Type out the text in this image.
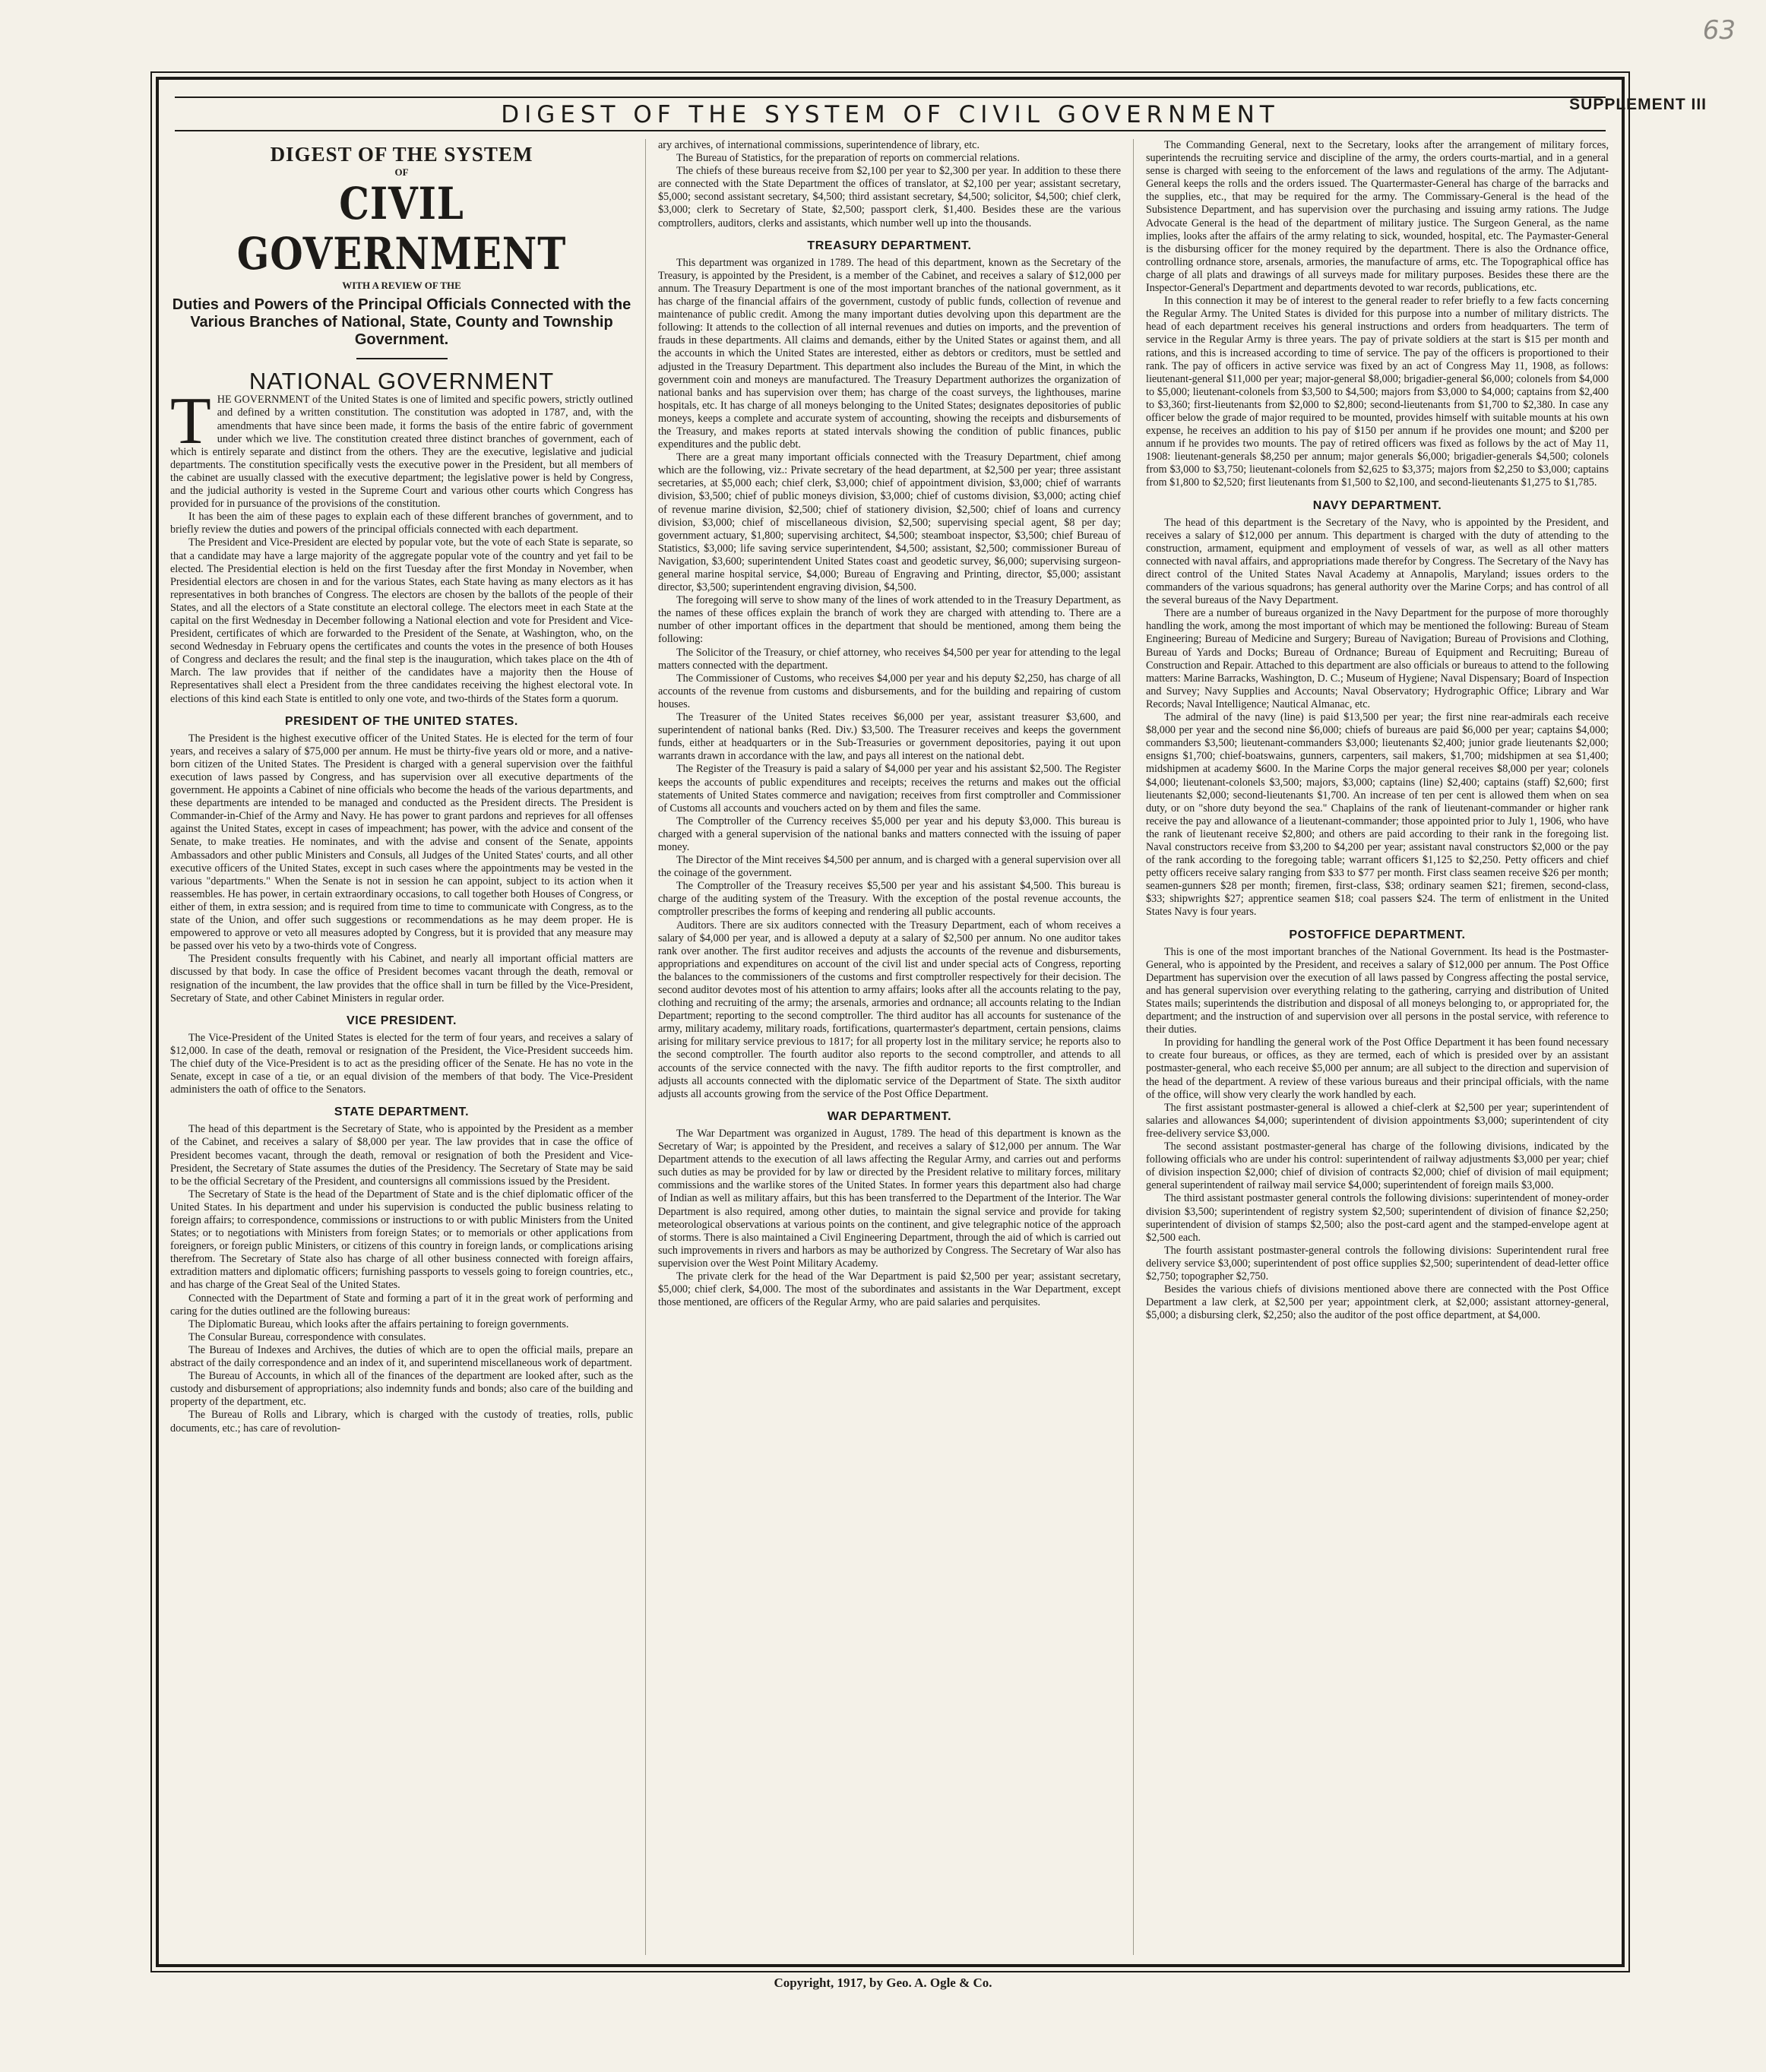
63
SUPPLEMENT III
DIGEST OF THE SYSTEM OF CIVIL GOVERNMENT
DIGEST OF THE SYSTEM
OF
CIVIL GOVERNMENT
WITH A REVIEW OF THE
Duties and Powers of the Principal Officials Connected with the Various Branches of National, State, County and Township Government.
NATIONAL GOVERNMENT
T HE GOVERNMENT of the United States is one of limited and specific powers, strictly outlined and defined by a written constitution. The constitution was adopted in 1787, and, with the amendments that have since been made, it forms the basis of the entire fabric of government under which we live. The constitution created three distinct branches of government, each of which is entirely separate and distinct from the others. They are the executive, legislative and judicial departments. The constitution specifically vests the executive power in the President, but all members of the cabinet are usually classed with the executive department; the legislative power is held by Congress, and the judicial authority is vested in the Supreme Court and various other courts which Congress has provided for in pursuance of the provisions of the constitution.

It has been the aim of these pages to explain each of these different branches of government, and to briefly review the duties and powers of the principal officials connected with each department.

The President and Vice-President are elected by popular vote, but the vote of each State is separate, so that a candidate may have a large majority of the aggregate popular vote of the country and yet fail to be elected. The Presidential election is held on the first Tuesday after the first Monday in November, when Presidential electors are chosen in and for the various States, each State having as many electors as it has representatives in both branches of Congress. The electors are chosen by the ballots of the people of their States, and all the electors of a State constitute an electoral college. The electors meet in each State at the capital on the first Wednesday in December following a National election and vote for President and Vice-President, certificates of which are forwarded to the President of the Senate, at Washington, who, on the second Wednesday in February opens the certificates and counts the votes in the presence of both Houses of Congress and declares the result; and the final step is the inauguration, which takes place on the 4th of March. The law provides that if neither of the candidates have a majority then the House of Representatives shall elect a President from the three candidates receiving the highest electoral vote. In elections of this kind each State is entitled to only one vote, and two-thirds of the States form a quorum.

PRESIDENT OF THE UNITED STATES.

The President is the highest executive officer of the United States. He is elected for the term of four years, and receives a salary of $75,000 per annum. He must be thirty-five years old or more, and a native-born citizen of the United States. The President is charged with a general supervision over the faithful execution of laws passed by Congress, and has supervision over all executive departments of the government. He appoints a Cabinet of nine officials who become the heads of the various departments, and these departments are intended to be managed and conducted as the President directs. The President is Commander-in-Chief of the Army and Navy. He has power to grant pardons and reprieves for all offenses against the United States, except in cases of impeachment; has power, with the advice and consent of the Senate, to make treaties. He nominates, and with the advise and consent of the Senate, appoints Ambassadors and other public Ministers and Consuls, all Judges of the United States' courts, and all other executive officers of the United States, except in such cases where the appointments may be vested in the various "departments." When the Senate is not in session he can appoint, subject to its action when it reassembles. He has power, in certain extraordinary occasions, to call together both Houses of Congress, or either of them, in extra session; and is required from time to time to communicate with Congress, as to the state of the Union, and offer such suggestions or recommendations as he may deem proper. He is empowered to approve or veto all measures adopted by Congress, but it is provided that any measure may be passed over his veto by a two-thirds vote of Congress.

The President consults frequently with his Cabinet, and nearly all important official matters are discussed by that body. In case the office of President becomes vacant through the death, removal or resignation of the incumbent, the law provides that the office shall in turn be filled by the Vice-President, Secretary of State, and other Cabinet Ministers in regular order.

VICE PRESIDENT.

The Vice-President of the United States is elected for the term of four years, and receives a salary of $12,000. In case of the death, removal or resignation of the President, the Vice-President succeeds him. The chief duty of the Vice-President is to act as the presiding officer of the Senate. He has no vote in the Senate, except in case of a tie, or an equal division of the members of that body. The Vice-President administers the oath of office to the Senators.

STATE DEPARTMENT.

The head of this department is the Secretary of State, who is appointed by the President as a member of the Cabinet, and receives a salary of $8,000 per year. The law provides that in case the office of President becomes vacant, through the death, removal or resignation of both the President and Vice-President, the Secretary of State assumes the duties of the Presidency. The Secretary of State may be said to be the official Secretary of the President, and countersigns all commissions issued by the President.

The Secretary of State is the head of the Department of State and is the chief diplomatic officer of the United States. In his department and under his supervision is conducted the public business relating to foreign affairs; to correspondence, commissions or instructions to or with public Ministers from the United States; or to negotiations with Ministers from foreign States; or to memorials or other applications from foreigners, or foreign public Ministers, or citizens of this country in foreign lands, or complications arising therefrom. The Secretary of State also has charge of all other business connected with foreign affairs, extradition matters and diplomatic officers; furnishing passports to vessels going to foreign countries, etc., and has charge of the Great Seal of the United States.

Connected with the Department of State and forming a part of it in the great work of performing and caring for the duties outlined are the following bureaus:

The Diplomatic Bureau, which looks after the affairs pertaining to foreign governments.

The Consular Bureau, correspondence with consulates.

The Bureau of Indexes and Archives, the duties of which are to open the official mails, prepare an abstract of the daily correspondence and an index of it, and superintend miscellaneous work of department.

The Bureau of Accounts, in which all of the finances of the department are looked after, such as the custody and disbursement of appropriations; also indemnity funds and bonds; also care of the building and property of the department, etc.

The Bureau of Rolls and Library, which is charged with the custody of treaties, rolls, public documents, etc.; has care of revolution-

ary archives, of international commissions, superintendence of library, etc.

The Bureau of Statistics, for the preparation of reports on commercial relations.

The chiefs of these bureaus receive from $2,100 per year to $2,300 per year. In addition to these there are connected with the State Department the offices of translator, at $2,100 per year; assistant secretary, $5,000; second assistant secretary, $4,500; third assistant secretary, $4,500; solicitor, $4,500; chief clerk, $3,000; clerk to Secretary of State, $2,500; passport clerk, $1,400. Besides these are the various comptrollers, auditors, clerks and assistants, which number well up into the thousands.

TREASURY DEPARTMENT.

This department was organized in 1789. The head of this department, known as the Secretary of the Treasury, is appointed by the President, is a member of the Cabinet, and receives a salary of $12,000 per annum. The Treasury Department is one of the most important branches of the national government, as it has charge of the financial affairs of the government, custody of public funds, collection of revenue and maintenance of public credit. Among the many important duties devolving upon this department are the following: It attends to the collection of all internal revenues and duties on imports, and the prevention of frauds in these departments. All claims and demands, either by the United States or against them, and all the accounts in which the United States are interested, either as debtors or creditors, must be settled and adjusted in the Treasury Department. This department also includes the Bureau of the Mint, in which the government coin and moneys are manufactured. The Treasury Department authorizes the organization of national banks and has supervision over them; has charge of the coast surveys, the lighthouses, marine hospitals, etc. It has charge of all moneys belonging to the United States; designates depositories of public moneys, keeps a complete and accurate system of accounting, showing the receipts and disbursements of the Treasury, and makes reports at stated intervals showing the condition of public finances, public expenditures and the public debt.

There are a great many important officials connected with the Treasury Department, chief among which are the following, viz.: Private secretary of the head department, at $2,500 per year; three assistant secretaries, at $5,000 each; chief clerk, $3,000; chief of appointment division, $3,000; chief of warrants division, $3,500; chief of public moneys division, $3,000; chief of customs division, $3,000; acting chief of revenue marine division, $2,500; chief of stationery division, $2,500; chief of loans and currency division, $3,000; chief of miscellaneous division, $2,500; supervising special agent, $8 per day; government actuary, $1,800; supervising architect, $4,500; steamboat inspector, $3,500; chief Bureau of Statistics, $3,000; life saving service superintendent, $4,500; assistant, $2,500; commissioner Bureau of Navigation, $3,600; superintendent United States coast and geodetic survey, $6,000; supervising surgeon-general marine hospital service, $4,000; Bureau of Engraving and Printing, director, $5,000; assistant director, $3,500; superintendent engraving division, $4,500.

The foregoing will serve to show many of the lines of work attended to in the Treasury Department, as the names of these offices explain the branch of work they are charged with attending to. There are a number of other important offices in the department that should be mentioned, among them being the following:

The Solicitor of the Treasury, or chief attorney, who receives $4,500 per year for attending to the legal matters connected with the department.

The Commissioner of Customs, who receives $4,000 per year and his deputy $2,250, has charge of all accounts of the revenue from customs and disbursements, and for the building and repairing of custom houses.

The Treasurer of the United States receives $6,000 per year, assistant treasurer $3,600, and superintendent of national banks (Red. Div.) $3,500. The Treasurer receives and keeps the government funds, either at headquarters or in the Sub-Treasuries or government depositories, paying it out upon warrants drawn in accordance with the law, and pays all interest on the national debt.

The Register of the Treasury is paid a salary of $4,000 per year and his assistant $2,500. The Register keeps the accounts of public expenditures and receipts; receives the returns and makes out the official statements of United States commerce and navigation; receives from first comptroller and Commissioner of Customs all accounts and vouchers acted on by them and files the same.

The Comptroller of the Currency receives $5,000 per year and his deputy $3,000. This bureau is charged with a general supervision of the national banks and matters connected with the issuing of paper money.

The Director of the Mint receives $4,500 per annum, and is charged with a general supervision over all the coinage of the government.

The Comptroller of the Treasury receives $5,500 per year and his assistant $4,500. This bureau is charge of the auditing system of the Treasury. With the exception of the postal revenue accounts, the comptroller prescribes the forms of keeping and rendering all public accounts.

Auditors. There are six auditors connected with the Treasury Department, each of whom receives a salary of $4,000 per year, and is allowed a deputy at a salary of $2,500 per annum. No one auditor takes rank over another. The first auditor receives and adjusts the accounts of the revenue and disbursements, appropriations and expenditures on account of the civil list and under special acts of Congress, reporting the balances to the commissioners of the customs and first comptroller respectively for their decision. The second auditor devotes most of his attention to army affairs; looks after all the accounts relating to the pay, clothing and recruiting of the army; the arsenals, armories and ordnance; all accounts relating to the Indian Department; reporting to the second comptroller. The third auditor has all accounts for sustenance of the army, military academy, military roads, fortifications, quartermaster's department, certain pensions, claims arising for military service previous to 1817; for all property lost in the military service; he reports also to the second comptroller. The fourth auditor also reports to the second comptroller, and attends to all accounts of the service connected with the navy. The fifth auditor reports to the first comptroller, and adjusts all accounts connected with the diplomatic service of the Department of State. The sixth auditor adjusts all accounts growing from the service of the Post Office Department.

WAR DEPARTMENT.

The War Department was organized in August, 1789. The head of this department is known as the Secretary of War; is appointed by the President, and receives a salary of $12,000 per annum. The War Department attends to the execution of all laws affecting the Regular Army, and carries out and performs such duties as may be provided for by law or directed by the President relative to military forces, military commissions and the warlike stores of the United States. In former years this department also had charge of Indian as well as military affairs, but this has been transferred to the Department of the Interior. The War Department is also required, among other duties, to maintain the signal service and provide for taking meteorological observations at various points on the continent, and give telegraphic notice of the approach of storms. There is also maintained a Civil Engineering Department, through the aid of which is carried out such improvements in rivers and harbors as may be authorized by Congress. The Secretary of War also has supervision over the West Point Military Academy.

The private clerk for the head of the War Department is paid $2,500 per year; assistant secretary, $5,000; chief clerk, $4,000. The most of the subordinates and assistants in the War Department, except those mentioned, are officers of the Regular Army, who are paid salaries and perquisites.

The Commanding General, next to the Secretary, looks after the arrangement of military forces, superintends the recruiting service and discipline of the army, the orders courts-martial, and in a general sense is charged with seeing to the enforcement of the laws and regulations of the army. The Adjutant-General keeps the rolls and the orders issued. The Quartermaster-General has charge of the barracks and the supplies, etc., that may be required for the army. The Commissary-General is the head of the Subsistence Department, and has supervision over the purchasing and issuing army rations. The Judge Advocate General is the head of the department of military justice. The Surgeon General, as the name implies, looks after the affairs of the army relating to sick, wounded, hospital, etc. The Paymaster-General is the disbursing officer for the money required by the department. There is also the Ordnance office, controlling ordnance store, arsenals, armories, the manufacture of arms, etc. The Topographical office has charge of all plats and drawings of all surveys made for military purposes. Besides these there are the Inspector-General's Department and departments devoted to war records, publications, etc.

In this connection it may be of interest to the general reader to refer briefly to a few facts concerning the Regular Army. The United States is divided for this purpose into a number of military districts. The head of each department receives his general instructions and orders from headquarters. The term of service in the Regular Army is three years. The pay of private soldiers at the start is $15 per month and rations, and this is increased according to time of service. The pay of the officers is proportioned to their rank. The pay of officers in active service was fixed by an act of Congress May 11, 1908, as follows: lieutenant-general $11,000 per year; major-general $8,000; brigadier-general $6,000; colonels from $4,000 to $5,000; lieutenant-colonels from $3,500 to $4,500; majors from $3,000 to $4,000; captains from $2,400 to $3,360; first-lieutenants from $2,000 to $2,800; second-lieutenants from $1,700 to $2,380. In case any officer below the grade of major required to be mounted, provides himself with suitable mounts at his own expense, he receives an addition to his pay of $150 per annum if he provides one mount; and $200 per annum if he provides two mounts. The pay of retired officers was fixed as follows by the act of May 11, 1908: lieutenant-generals $8,250 per annum; major generals $6,000; brigadier-generals $4,500; colonels from $3,000 to $3,750; lieutenant-colonels from $2,625 to $3,375; majors from $2,250 to $3,000; captains from $1,800 to $2,520; first lieutenants from $1,500 to $2,100, and second-lieutenants $1,275 to $1,785.

NAVY DEPARTMENT.

The head of this department is the Secretary of the Navy, who is appointed by the President, and receives a salary of $12,000 per annum. This department is charged with the duty of attending to the construction, armament, equipment and employment of vessels of war, as well as all other matters connected with naval affairs, and appropriations made therefor by Congress. The Secretary of the Navy has direct control of the United States Naval Academy at Annapolis, Maryland; issues orders to the commanders of the various squadrons; has general authority over the Marine Corps; and has control of all the several bureaus of the Navy Department.

There are a number of bureaus organized in the Navy Department for the purpose of more thoroughly handling the work, among the most important of which may be mentioned the following: Bureau of Steam Engineering; Bureau of Medicine and Surgery; Bureau of Navigation; Bureau of Provisions and Clothing, Bureau of Yards and Docks; Bureau of Ordnance; Bureau of Equipment and Recruiting; Bureau of Construction and Repair. Attached to this department are also officials or bureaus to attend to the following matters: Marine Barracks, Washington, D. C.; Museum of Hygiene; Naval Dispensary; Board of Inspection and Survey; Navy Supplies and Accounts; Naval Observatory; Hydrographic Office; Library and War Records; Naval Intelligence; Nautical Almanac, etc.

The admiral of the navy (line) is paid $13,500 per year; the first nine rear-admirals each receive $8,000 per year and the second nine $6,000; chiefs of bureaus are paid $6,000 per year; captains $4,000; commanders $3,500; lieutenant-commanders $3,000; lieutenants $2,400; junior grade lieutenants $2,000; ensigns $1,700; chief-boatswains, gunners, carpenters, sail makers, $1,700; midshipmen at sea $1,400; midshipmen at academy $600. In the Marine Corps the major general receives $8,000 per year; colonels $4,000; lieutenant-colonels $3,500; majors, $3,000; captains (line) $2,400; captains (staff) $2,600; first lieutenants $2,000; second-lieutenants $1,700. An increase of ten per cent is allowed them when on sea duty, or on "shore duty beyond the sea." Chaplains of the rank of lieutenant-commander or higher rank receive the pay and allowance of a lieutenant-commander; those appointed prior to July 1, 1906, who have the rank of lieutenant receive $2,800; and others are paid according to their rank in the foregoing list. Naval constructors receive from $3,200 to $4,200 per year; assistant naval constructors $2,000 or the pay of the rank according to the foregoing table; warrant officers $1,125 to $2,250. Petty officers and chief petty officers receive salary ranging from $33 to $77 per month. First class seamen receive $26 per month; seamen-gunners $28 per month; firemen, first-class, $38; ordinary seamen $21; firemen, second-class, $33; shipwrights $27; apprentice seamen $18; coal passers $24. The term of enlistment in the United States Navy is four years.

POSTOFFICE DEPARTMENT.

This is one of the most important branches of the National Government. Its head is the Postmaster-General, who is appointed by the President, and receives a salary of $12,000 per annum. The Post Office Department has supervision over the execution of all laws passed by Congress affecting the postal service, and has general supervision over everything relating to the gathering, carrying and distribution of United States mails; superintends the distribution and disposal of all moneys belonging to, or appropriated for, the department; and the instruction of and supervision over all persons in the postal service, with reference to their duties.

In providing for handling the general work of the Post Office Department it has been found necessary to create four bureaus, or offices, as they are termed, each of which is presided over by an assistant postmaster-general, who each receive $5,000 per annum; are all subject to the direction and supervision of the head of the department. A review of these various bureaus and their principal officials, with the name of the office, will show very clearly the work handled by each.

The first assistant postmaster-general is allowed a chief-clerk at $2,500 per year; superintendent of salaries and allowances $4,000; superintendent of division appointments $3,000; superintendent of city free-delivery service $3,000.

The second assistant postmaster-general has charge of the following divisions, indicated by the following officials who are under his control: superintendent of railway adjustments $3,000 per year; chief of division inspection $2,000; chief of division of contracts $2,000; chief of division of mail equipment; general superintendent of railway mail service $4,000; superintendent of foreign mails $3,000.

The third assistant postmaster general controls the following divisions: superintendent of money-order division $3,500; superintendent of registry system $2,500; superintendent of division of finance $2,250; superintendent of division of stamps $2,500; also the post-card agent and the stamped-envelope agent at $2,500 each.

The fourth assistant postmaster-general controls the following divisions: Superintendent rural free delivery service $3,000; superintendent of post office supplies $2,500; superintendent of dead-letter office $2,750; topographer $2,750.

Besides the various chiefs of divisions mentioned above there are connected with the Post Office Department a law clerk, at $2,500 per year; appointment clerk, at $2,000; assistant attorney-general, $5,000; a disbursing clerk, $2,250; also the auditor of the post office department, at $4,000.

Copyright, 1917, by Geo. A. Ogle & Co.
